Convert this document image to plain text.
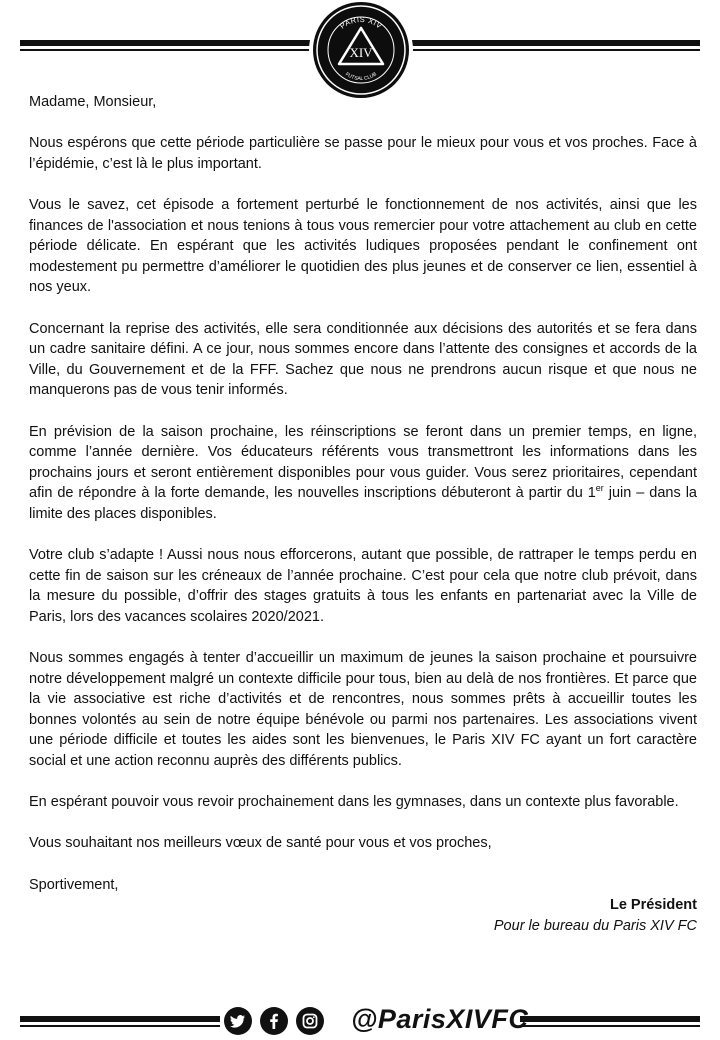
PARIS XIV
FUTSAL CLUB
XIV

Madame, Monsieur,

Nous espérons que cette période particulière se passe pour le mieux pour vous et vos proches. Face à l’épidémie, c’est là le plus important.

Vous le savez, cet épisode a fortement perturbé le fonctionnement de nos activités, ainsi que les finances de l'association et nous tenions à tous vous remercier pour votre attachement au club en cette période délicate. En espérant que les activités ludiques proposées pendant le confinement ont modestement pu permettre d’améliorer le quotidien des plus jeunes et de conserver ce lien, essentiel à nos yeux.

Concernant la reprise des activités, elle sera conditionnée aux décisions des autorités et se fera dans un cadre sanitaire défini. A ce jour, nous sommes encore dans l’attente des consignes et accords de la Ville, du Gouvernement et de la FFF. Sachez que nous ne prendrons aucun risque et que nous ne manquerons pas de vous tenir informés.

En prévision de la saison prochaine, les réinscriptions se feront dans un premier temps, en ligne, comme l’année dernière. Vos éducateurs référents vous transmettront les informations dans les prochains jours et seront entièrement disponibles pour vous guider. Vous serez prioritaires, cependant afin de répondre à la forte demande, les nouvelles inscriptions débuteront à partir du 1er juin – dans la limite des places disponibles.

Votre club s’adapte ! Aussi nous nous efforcerons, autant que possible, de rattraper le temps perdu en cette fin de saison sur les créneaux de l’année prochaine. C’est pour cela que notre club prévoit, dans la mesure du possible, d’offrir des stages gratuits à tous les enfants en partenariat avec la Ville de Paris, lors des vacances scolaires 2020/2021.

Nous sommes engagés à tenter d’accueillir un maximum de jeunes la saison prochaine et poursuivre notre développement malgré un contexte difficile pour tous, bien au delà de nos frontières. Et parce que la vie associative est riche d’activités et de rencontres, nous sommes prêts à accueillir toutes les bonnes volontés au sein de notre équipe bénévole ou parmi nos partenaires. Les associations vivent une période difficile et toutes les aides sont les bienvenues, le Paris XIV FC ayant un fort caractère social et une action reconnu auprès des différents publics.

En espérant pouvoir vous revoir prochainement dans les gymnases, dans un contexte plus favorable.

Vous souhaitant nos meilleurs vœux de santé pour vous et vos proches,

Sportivement,

Le Président
Pour le bureau du Paris XIV FC
@ParisXIVFC
